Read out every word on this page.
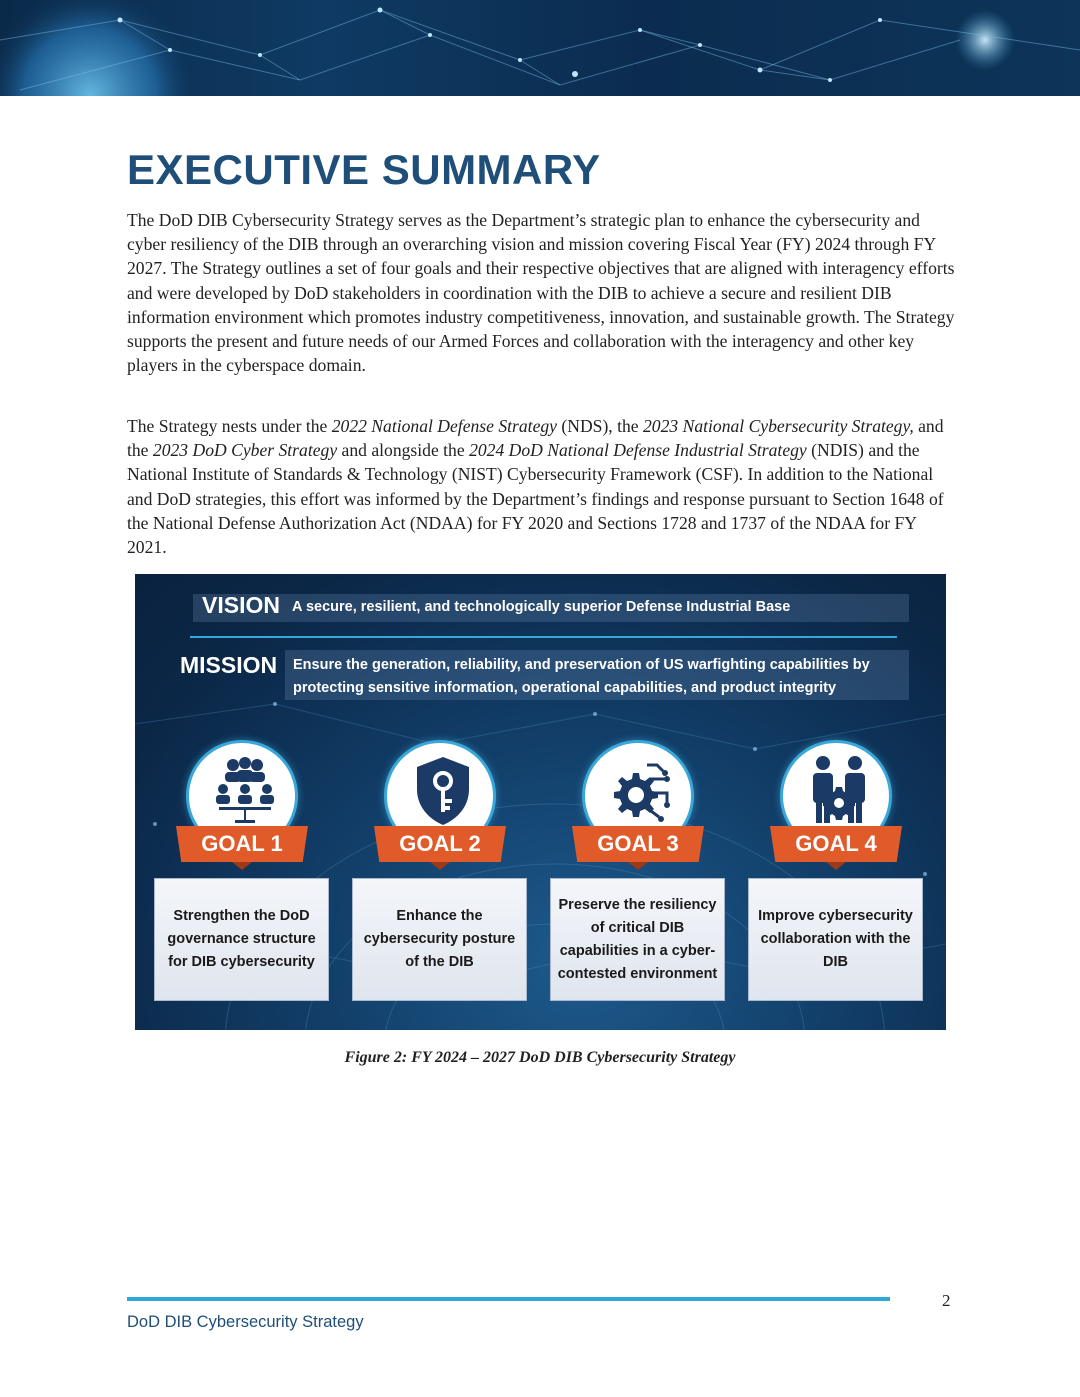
EXECUTIVE SUMMARY

The DoD DIB Cybersecurity Strategy serves as the Department’s strategic plan to enhance the cybersecurity and cyber resiliency of the DIB through an overarching vision and mission covering Fiscal Year (FY) 2024 through FY 2027. The Strategy outlines a set of four goals and their respective objectives that are aligned with interagency efforts and were developed by DoD stakeholders in coordination with the DIB to achieve a secure and resilient DIB information environment which promotes industry competitiveness, innovation, and sustainable growth. The Strategy supports the present and future needs of our Armed Forces and collaboration with the interagency and other key players in the cyberspace domain.

The Strategy nests under the 2022 National Defense Strategy (NDS), the 2023 National Cybersecurity Strategy, and the 2023 DoD Cyber Strategy and alongside the 2024 DoD National Defense Industrial Strategy (NDIS) and the National Institute of Standards & Technology (NIST) Cybersecurity Framework (CSF). In addition to the National and DoD strategies, this effort was informed by the Department’s findings and response pursuant to Section 1648 of the National Defense Authorization Act (NDAA) for FY 2020 and Sections 1728 and 1737 of the NDAA for FY 2021.

VISION A secure, resilient, and technologically superior Defense Industrial Base
MISSION Ensure the generation, reliability, and preservation of US warfighting capabilities by protecting sensitive information, operational capabilities, and product integrity
GOAL 1
Strengthen the DoD governance structure for DIB cybersecurity
GOAL 2
Enhance the cybersecurity posture of the DIB
GOAL 3
Preserve the resiliency of critical DIB capabilities in a cyber-contested environment
GOAL 4
Improve cybersecurity collaboration with the DIB
Figure 2: FY 2024 – 2027 DoD DIB Cybersecurity Strategy
2
DoD DIB Cybersecurity Strategy
